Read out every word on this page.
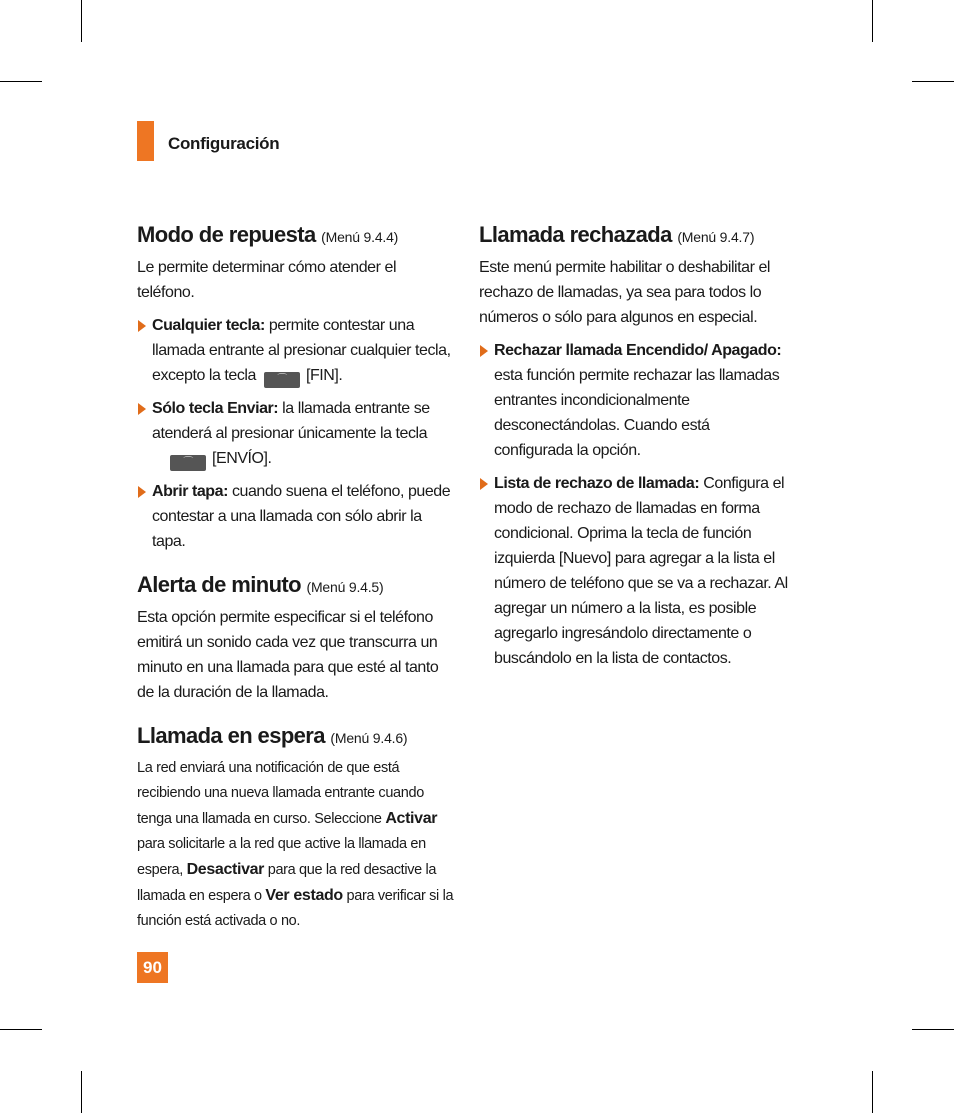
Configuración
Modo de repuesta (Menú 9.4.4)

Le permite determinar cómo atender el teléfono.

Cualquier tecla: permite contestar una llamada entrante al presionar cualquier tecla, excepto la tecla ⌒ [FIN].

Sólo tecla Enviar: la llamada entrante se atenderá al presionar únicamente la tecla
⌒ [ENVÍO].

Abrir tapa: cuando suena el teléfono, puede contestar a una llamada con sólo abrir la tapa.

Alerta de minuto (Menú 9.4.5)

Esta opción permite especificar si el teléfono emitirá un sonido cada vez que transcurra un minuto en una llamada para que esté al tanto de la duración de la llamada.

Llamada en espera (Menú 9.4.6)

La red enviará una notificación de que está recibiendo una nueva llamada entrante cuando tenga una llamada en curso. Seleccione Activar para solicitarle a la red que active la llamada en espera, Desactivar para que la red desactive la llamada en espera o Ver estado para verificar si la función está activada o no.

Llamada rechazada (Menú 9.4.7)

Este menú permite habilitar o deshabilitar el rechazo de llamadas, ya sea para todos lo números o sólo para algunos en especial.

Rechazar llamada Encendido/ Apagado: esta función permite rechazar las llamadas entrantes incondicionalmente desconectándolas. Cuando está configurada la opción.

Lista de rechazo de llamada: Configura el modo de rechazo de llamadas en forma condicional. Oprima la tecla de función izquierda [Nuevo] para agregar a la lista el número de teléfono que se va a rechazar. Al agregar un número a la lista, es posible agregarlo ingresándolo directamente o buscándolo en la lista de contactos.

90
